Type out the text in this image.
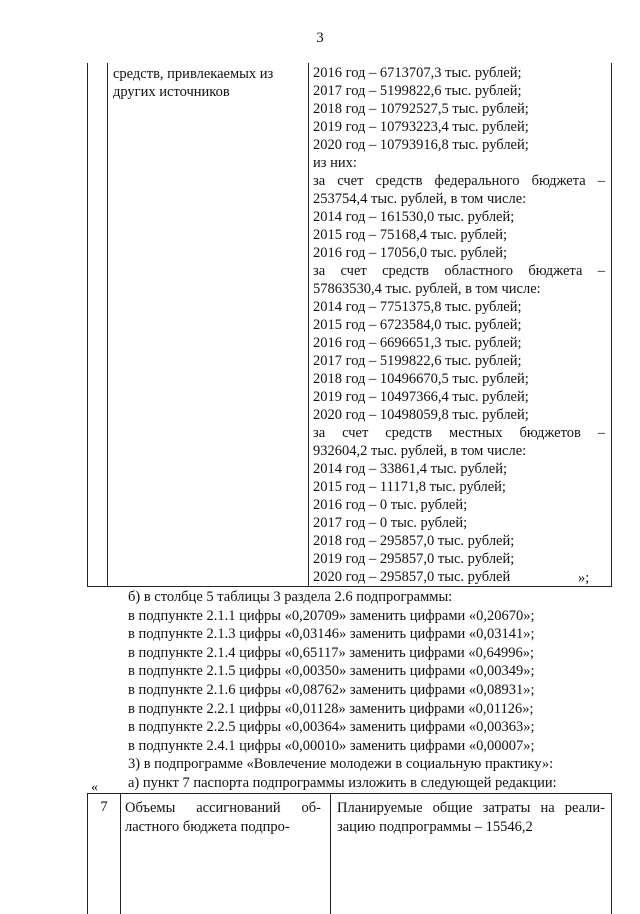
3
средств, привлекаемых из других источников
2016 год – 6713707,3 тыс. рублей;
2017 год – 5199822,6 тыс. рублей;
2018 год – 10792527,5 тыс. рублей;
2019 год – 10793223,4 тыс. рублей;
2020 год – 10793916,8 тыс. рублей;
из них:
за счет средств федерального бюджета –
253754,4 тыс. рублей, в том числе:
2014 год – 161530,0 тыс. рублей;
2015 год – 75168,4 тыс. рублей;
2016 год – 17056,0 тыс. рублей;
за счет средств областного бюджета –
57863530,4 тыс. рублей, в том числе:
2014 год – 7751375,8 тыс. рублей;
2015 год – 6723584,0 тыс. рублей;
2016 год – 6696651,3 тыс. рублей;
2017 год – 5199822,6 тыс. рублей;
2018 год – 10496670,5 тыс. рублей;
2019 год – 10497366,4 тыс. рублей;
2020 год – 10498059,8 тыс. рублей;
за счет средств местных бюджетов –
932604,2 тыс. рублей, в том числе:
2014 год – 33861,4 тыс. рублей;
2015 год – 11171,8 тыс. рублей;
2016 год – 0 тыс. рублей;
2017 год – 0 тыс. рублей;
2018 год – 295857,0 тыс. рублей;
2019 год – 295857,0 тыс. рублей;
2020 год – 295857,0 тыс. рублей	»;
б) в столбце 5 таблицы 3 раздела 2.6 подпрограммы:
в подпункте 2.1.1 цифры «0,20709» заменить цифрами «0,20670»;
в подпункте 2.1.3 цифры «0,03146» заменить цифрами «0,03141»;
в подпункте 2.1.4 цифры «0,65117» заменить цифрами «0,64996»;
в подпункте 2.1.5 цифры «0,00350» заменить цифрами «0,00349»;
в подпункте 2.1.6 цифры «0,08762» заменить цифрами «0,08931»;
в подпункте 2.2.1 цифры «0,01128» заменить цифрами «0,01126»;
в подпункте 2.2.5 цифры «0,00364» заменить цифрами «0,00363»;
в подпункте 2.4.1 цифры «0,00010» заменить цифрами «0,00007»;
3) в подпрограмме «Вовлечение молодежи в социальную практику»:
а) пункт 7 паспорта подпрограммы изложить в следующей редакции:
«
7	Объемы ассигнований об-
ластного бюджета подпро-
Планируемые общие затраты на реали-
зацию подпрограммы – 15546,2
